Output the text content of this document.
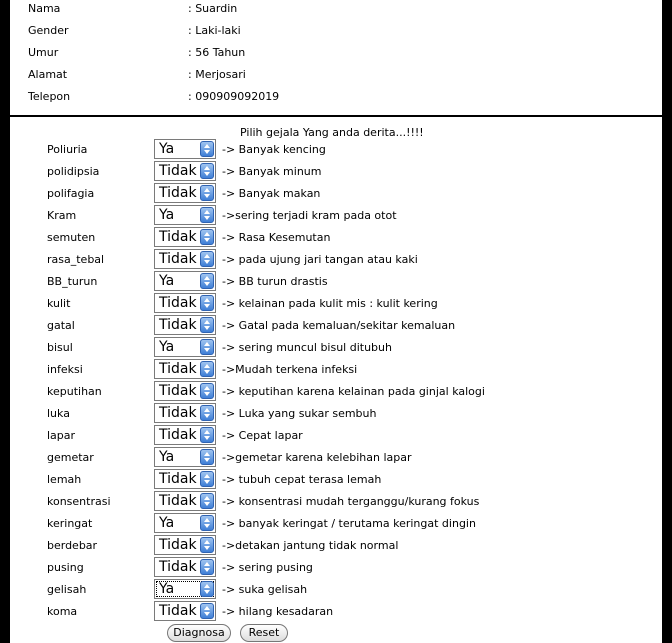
Nama	: Suardin
Gender	: Laki-laki
Umur	: 56 Tahun
Alamat	: Merjosari
Telepon	: 090909092019
Pilih gejala Yang anda derita...!!!!
Poliuria	Ya	-> Banyak kencing
polidipsia	Tidak -> Banyak minum
polifagia	Tidak -> Banyak makan
Kram	Ya	->sering terjadi kram pada otot
semuten	Tidak -> Rasa Kesemutan
rasa_tebal	Tidak -> pada ujung jari tangan atau kaki
BB_turun	Ya	-> BB turun drastis
kulit	Tidak -> kelainan pada kulit mis : kulit kering
gatal	Tidak -> Gatal pada kemaluan/sekitar kemaluan
bisul	Ya	-> sering muncul bisul ditubuh
infeksi	Tidak ->Mudah terkena infeksi
keputihan	Tidak -> keputihan karena kelainan pada ginjal kalogi
luka	Tidak -> Luka yang sukar sembuh
lapar	Tidak -> Cepat lapar
gemetar	Ya	->gemetar karena kelebihan lapar
lemah	Tidak -> tubuh cepat terasa lemah
konsentrasi	Tidak -> konsentrasi mudah terganggu/kurang fokus
keringat	Ya	-> banyak keringat / terutama keringat dingin
berdebar	Tidak ->detakan jantung tidak normal
pusing	Tidak -> sering pusing
gelisah	Ya	-> suka gelisah
koma	Tidak -> hilang kesadaran
Diagnosa	Reset
